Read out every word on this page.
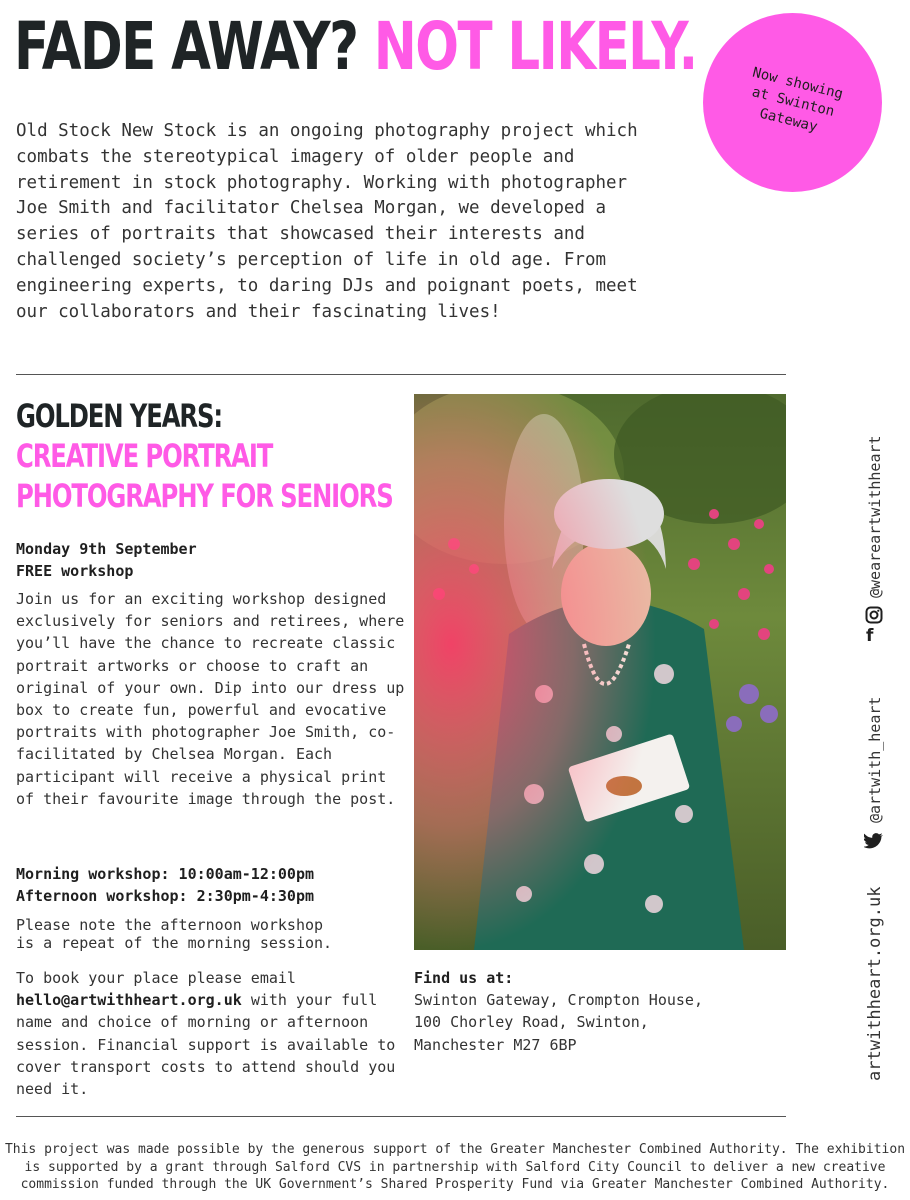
FADE AWAY? NOT LIKELY.	Now showing
at Swinton
Gateway

Old Stock New Stock is an ongoing photography project which combats the stereotypical imagery of older people and retirement in stock photography. Working with photographer Joe Smith and facilitator Chelsea Morgan, we developed a series of portraits that showcased their interests and challenged society’s perception of life in old age. From engineering experts, to daring DJs and poignant poets, meet our collaborators and their fascinating lives!

GOLDEN YEARS:
CREATIVE PORTRAIT
PHOTOGRAPHY FOR SENIORS
Monday 9th September
FREE workshop

Join us for an exciting workshop designed exclusively for seniors and retirees, where you’ll have the chance to recreate classic portrait artworks or choose to craft an original of your own. Dip into our dress up box to create fun, powerful and evocative portraits with photographer Joe Smith, co-facilitated by Chelsea Morgan. Each participant will receive a physical print of their favourite image through the post.

Morning workshop: 10:00am-12:00pm
Afternoon workshop: 2:30pm-4:30pm

Please note the afternoon workshop
is a repeat of the morning session.

To book your place please email hello@artwithheart.org.uk with your full name and choice of morning or afternoon session. Financial support is available to cover transport costs to attend should you need it.

Find us at:
Swinton Gateway, Crompton House,
100 Chorley Road, Swinton,
Manchester M27 6BP

This project was made possible by the generous support of the Greater Manchester Combined Authority. The exhibition is supported by a grant through Salford CVS in partnership with Salford City Council to deliver a new creative commission funded through the UK Government’s Shared Prosperity Fund via Greater Manchester Combined Authority.

f
@weareartwithheart
@artwith_heart
artwithheart.org.uk
